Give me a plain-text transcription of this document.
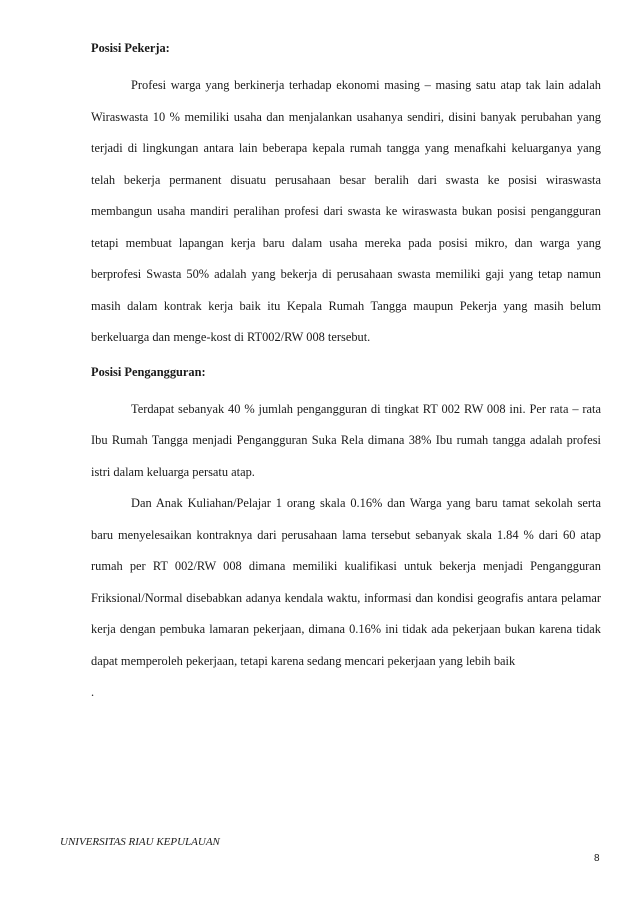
Posisi Pekerja:

Profesi warga yang berkinerja terhadap ekonomi masing – masing satu atap tak lain adalah Wiraswasta 10 % memiliki usaha dan menjalankan usahanya sendiri, disini banyak perubahan yang terjadi di lingkungan antara lain beberapa kepala rumah tangga yang menafkahi keluarganya yang telah bekerja permanent disuatu perusahaan besar beralih dari swasta ke posisi wiraswasta membangun usaha mandiri peralihan profesi dari swasta ke wiraswasta bukan posisi pengangguran tetapi membuat lapangan kerja baru dalam usaha mereka pada posisi mikro, dan warga yang berprofesi Swasta 50% adalah yang bekerja di perusahaan swasta memiliki gaji yang tetap namun masih dalam kontrak kerja baik itu Kepala Rumah Tangga maupun Pekerja yang masih belum berkeluarga dan menge-kost di RT002/RW 008 tersebut.

Posisi Pengangguran:

Terdapat sebanyak 40 % jumlah pengangguran di tingkat RT 002 RW 008 ini. Per rata – rata Ibu Rumah Tangga menjadi Pengangguran Suka Rela dimana 38% Ibu rumah tangga adalah profesi istri dalam keluarga persatu atap.

Dan Anak Kuliahan/Pelajar 1 orang skala 0.16% dan Warga yang baru tamat sekolah serta baru menyelesaikan kontraknya dari perusahaan lama tersebut sebanyak skala 1.84 % dari 60 atap rumah per RT 002/RW 008 dimana memiliki kualifikasi untuk bekerja menjadi Pengangguran Friksional/Normal disebabkan adanya kendala waktu, informasi dan kondisi geografis antara pelamar kerja dengan pembuka lamaran pekerjaan, dimana 0.16% ini tidak ada pekerjaan bukan karena tidak dapat memperoleh pekerjaan, tetapi karena sedang mencari pekerjaan yang lebih baik

.

UNIVERSITAS RIAU KEPULAUAN
8
